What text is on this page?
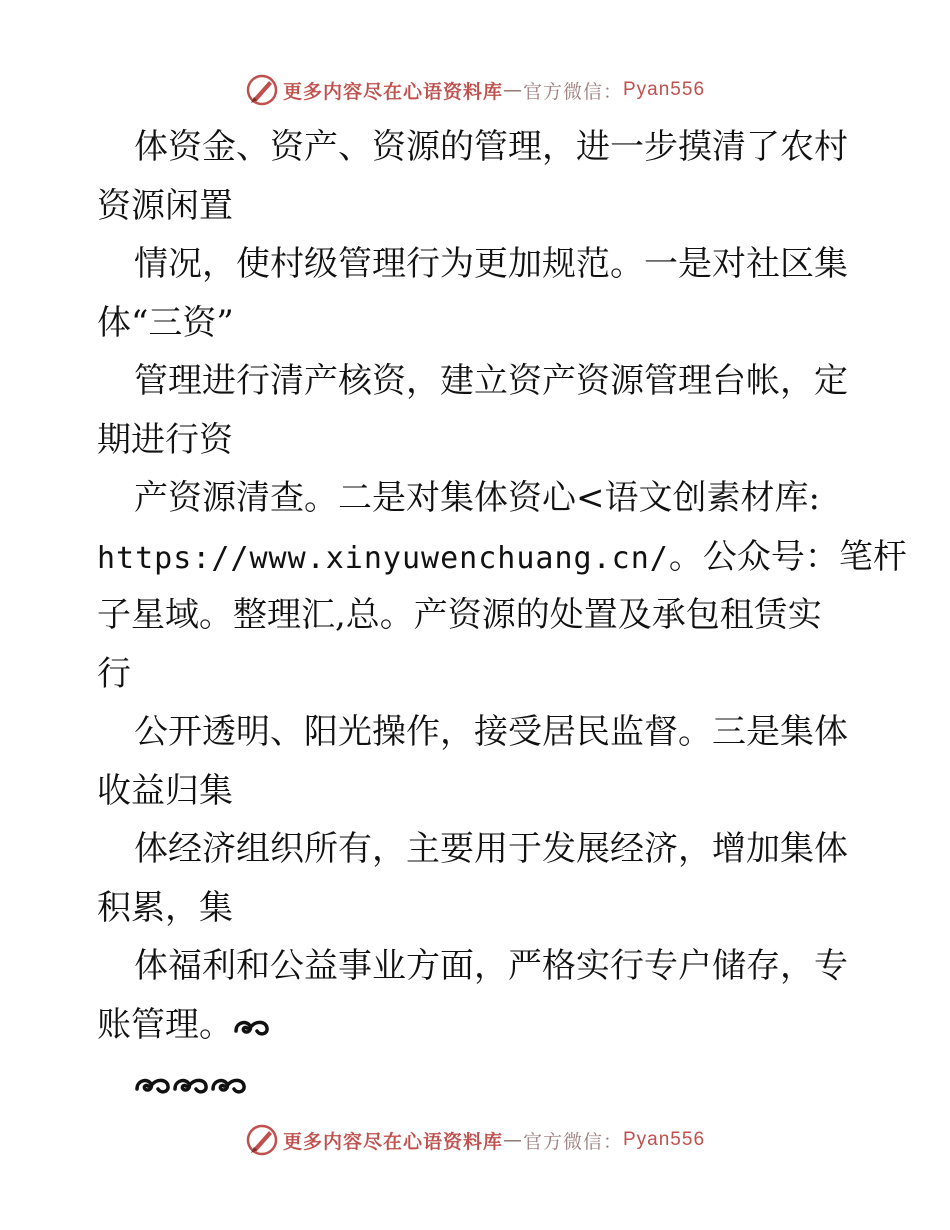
更多内容尽在心语资料库 — 官方微信： Pyan556
体资金、资产、资源的管理，进一步摸清了农村
资源闲置
情况，使村级管理行为更加规范。一是对社区集
体“三资”
管理进行清产核资，建立资产资源管理台帐，定
期进行资
产资源清查。二是对集体资心<语文创素材库:
https://www.xinyuwenchuang.cn/。公众号：笔杆
子星域。整理汇,总。产资源的处置及承包租赁实
行
公开透明、阳光操作，接受居民监督。三是集体
收益归集
体经济组织所有，主要用于发展经济，增加集体
积累，集
体福利和公益事业方面，严格实行专户储存，专
账管理。
更多内容尽在心语资料库 — 官方微信： Pyan556
